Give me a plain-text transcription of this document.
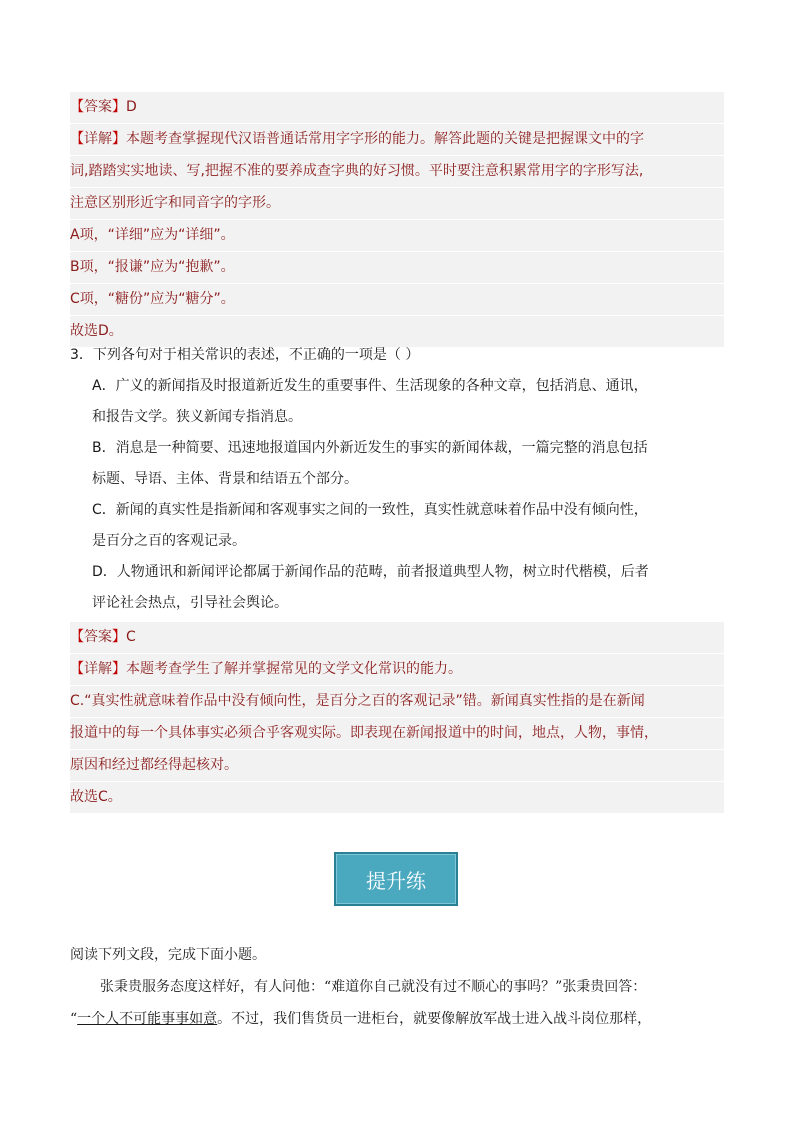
【答案】D
【详解】本题考查掌握现代汉语普通话常用字字形的能力。解答此题的关键是把握课文中的字
词,踏踏实实地读、写,把握不准的要养成查字典的好习惯。平时要注意积累常用字的字形写法,
注意区别形近字和同音字的字形。
A项，“详细”应为“详细”。
B项，“报谦”应为“抱歉”。
C项，“糖份”应为“糖分”。
故选D。
3．下列各句对于相关常识的表述，不正确的一项是（ ）
A．广义的新闻指及时报道新近发生的重要事件、生活现象的各种文章，包括消息、通讯，
和报告文学。狭义新闻专指消息。
B．消息是一种简要、迅速地报道国内外新近发生的事实的新闻体裁，一篇完整的消息包括
标题、导语、主体、背景和结语五个部分。
C．新闻的真实性是指新闻和客观事实之间的一致性，真实性就意味着作品中没有倾向性，
是百分之百的客观记录。
D．人物通讯和新闻评论都属于新闻作品的范畴，前者报道典型人物，树立时代楷模，后者
评论社会热点，引导社会舆论。
【答案】C
【详解】本题考查学生了解并掌握常见的文学文化常识的能力。
C.“真实性就意味着作品中没有倾向性，是百分之百的客观记录”错。新闻真实性指的是在新闻
报道中的每一个具体事实必须合乎客观实际。即表现在新闻报道中的时间，地点，人物，事情，
原因和经过都经得起核对。
故选C。
提升练
阅读下列文段，完成下面小题。
张秉贵服务态度这样好，有人问他：“难道你自己就没有过不顺心的事吗？”张秉贵回答：
“一个人不可能事事如意。不过，我们售货员一进柜台，就要像解放军战士进入战斗岗位那样，
